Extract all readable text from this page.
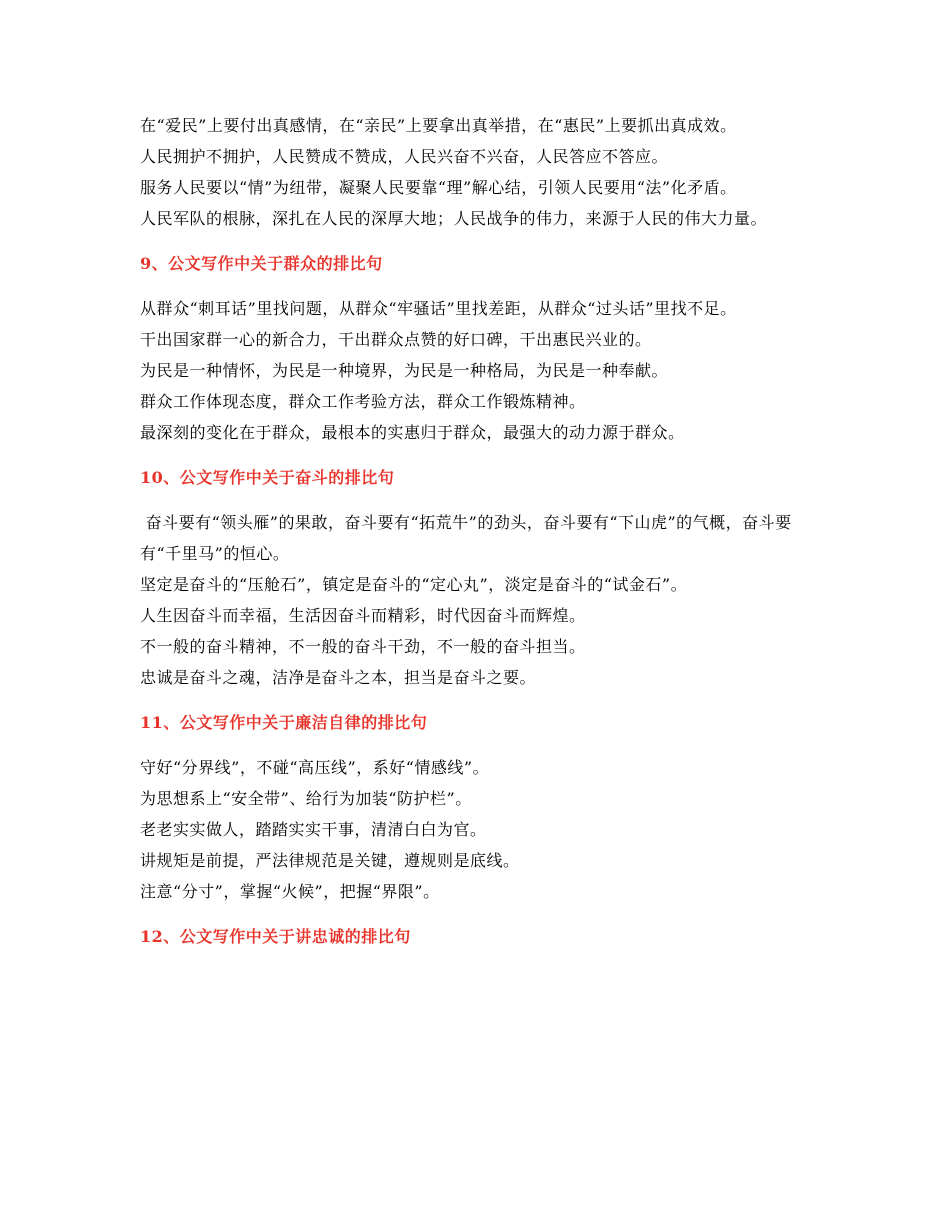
在“爱民”上要付出真感情，在“亲民”上要拿出真举措，在“惠民”上要抓出真成效。

人民拥护不拥护，人民赞成不赞成，人民兴奋不兴奋，人民答应不答应。

服务人民要以“情”为纽带，凝聚人民要靠“理”解心结，引领人民要用“法”化矛盾。

人民军队的根脉，深扎在人民的深厚大地；人民战争的伟力，来源于人民的伟大力量。

9、公文写作中关于群众的排比句

从群众“刺耳话”里找问题，从群众“牢骚话”里找差距，从群众“过头话”里找不足。

干出国家群一心的新合力，干出群众点赞的好口碑，干出惠民兴业的。

为民是一种情怀，为民是一种境界，为民是一种格局，为民是一种奉献。

群众工作体现态度，群众工作考验方法，群众工作锻炼精神。

最深刻的变化在于群众，最根本的实惠归于群众，最强大的动力源于群众。

10、公文写作中关于奋斗的排比句

奋斗要有“领头雁”的果敢，奋斗要有“拓荒牛”的劲头，奋斗要有“下山虎”的气概，奋斗要有“千里马”的恒心。

坚定是奋斗的“压舱石”，镇定是奋斗的“定心丸”，淡定是奋斗的“试金石”。

人生因奋斗而幸福，生活因奋斗而精彩，时代因奋斗而辉煌。

不一般的奋斗精神，不一般的奋斗干劲，不一般的奋斗担当。

忠诚是奋斗之魂，洁净是奋斗之本，担当是奋斗之要。

11、公文写作中关于廉洁自律的排比句

守好“分界线”，不碰“高压线”，系好“情感线”。

为思想系上“安全带”、给行为加装“防护栏”。

老老实实做人，踏踏实实干事，清清白白为官。

讲规矩是前提，严法律规范是关键，遵规则是底线。

注意“分寸”，掌握“火候”，把握“界限”。

12、公文写作中关于讲忠诚的排比句
